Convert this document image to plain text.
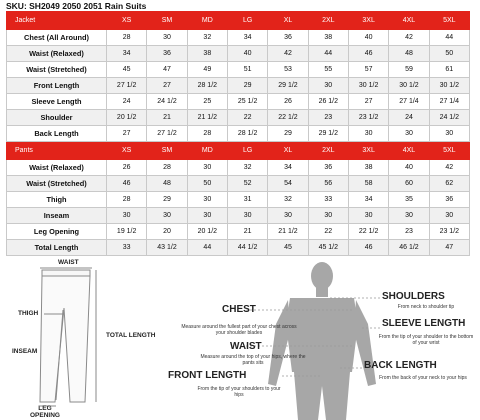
SKU: SH2049 2050 2051 Rain Suits
Jacket	XS	SM	MD	LG	XL	2XL	3XL	4XL	5XL
Chest (All Around)	28	30	32	34	36	38	40	42	44
Waist (Relaxed)	34	36	38	40	42	44	46	48	50
Waist (Stretched)	45	47	49	51	53	55	57	59	61
Front Length	27 1/2	27	28 1/2	29	29 1/2	30	30 1/2	30 1/2	30 1/2
Sleeve Length	24	24 1/2	25	25 1/2	26	26 1/2	27	27 1/4	27 1/4
Shoulder	20 1/2	21	21 1/2	22	22 1/2	23	23 1/2	24	24 1/2
Back Length	27	27 1/2	28	28 1/2	29	29 1/2	30	30	30
Pants	XS	SM	MD	LG	XL	2XL	3XL	4XL	5XL
Waist (Relaxed)	26	28	30	32	34	36	38	40	42
Waist (Stretched)	46	48	50	52	54	56	58	60	62
Thigh	28	29	30	31	32	33	34	35	36
Inseam	30	30	30	30	30	30	30	30	30
Leg Opening	19 1/2	20	20 1/2	21	21 1/2	22	22 1/2	23	23 1/2
Total Length	33	43 1/2	44	44 1/2	45	45 1/2	46	46 1/2	47
WAIST
THIGH
INSEAM
TOTAL LENGTH
LEG
OPENING
CHEST
Measure around the fullest part of your chest across your shoulder blades
WAIST
Measure around the top of your hips, where the pants sits
FRONT LENGTH
From the tip of your shoulders to your hips
SHOULDERS
From neck to shoulder tip
SLEEVE LENGTH
From the tip of your shoulder to the bottom of your wrist
BACK LENGTH
From the back of your neck to your hips
